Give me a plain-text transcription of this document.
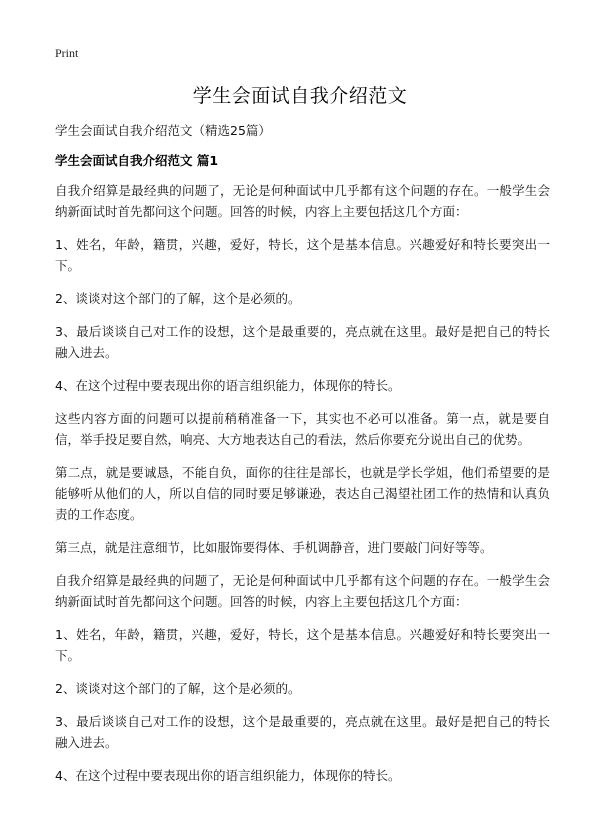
Print
学生会面试自我介绍范文
学生会面试自我介绍范文（精选25篇）
学生会面试自我介绍范文 篇1

自我介绍算是最经典的问题了，无论是何种面试中几乎都有这个问题的存在。一般学生会纳新面试时首先都问这个问题。回答的时候，内容上主要包括这几个方面：

1、姓名，年龄，籍贯，兴趣，爱好，特长，这个是基本信息。兴趣爱好和特长要突出一下。

2、谈谈对这个部门的了解，这个是必须的。

3、最后谈谈自己对工作的设想，这个是最重要的，亮点就在这里。最好是把自己的特长融入进去。

4、在这个过程中要表现出你的语言组织能力，体现你的特长。

这些内容方面的问题可以提前稍稍准备一下，其实也不必可以准备。第一点，就是要自信，举手投足要自然，响亮、大方地表达自己的看法，然后你要充分说出自己的优势。

第二点，就是要诚恳，不能自负，面你的往往是部长，也就是学长学姐，他们希望要的是能够听从他们的人，所以自信的同时要足够谦逊，表达自己渴望社团工作的热情和认真负责的工作态度。

第三点，就是注意细节，比如服饰要得体、手机调静音，进门要敲门问好等等。

自我介绍算是最经典的问题了，无论是何种面试中几乎都有这个问题的存在。一般学生会纳新面试时首先都问这个问题。回答的时候，内容上主要包括这几个方面：

1、姓名，年龄，籍贯，兴趣，爱好，特长，这个是基本信息。兴趣爱好和特长要突出一下。

2、谈谈对这个部门的了解，这个是必须的。

3、最后谈谈自己对工作的设想，这个是最重要的，亮点就在这里。最好是把自己的特长融入进去。

4、在这个过程中要表现出你的语言组织能力，体现你的特长。
